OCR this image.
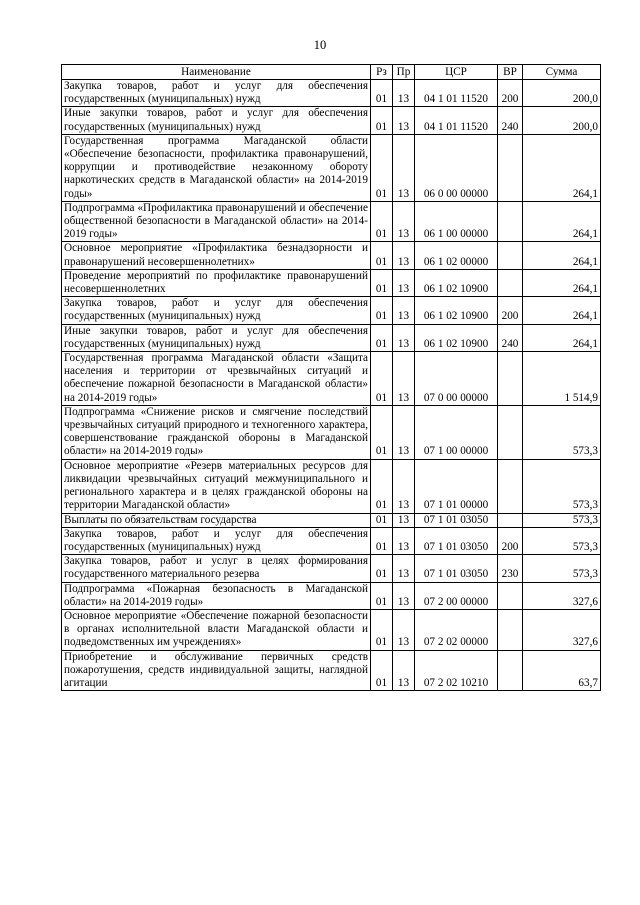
10
Наименование	Рз	Пр	ЦСР	ВР	Сумма
Закупка товаров, работ и услуг для обеспечения государственных (муниципальных) нужд	01	13	04 1 01 11520	200	200,0
Иные закупки товаров, работ и услуг для обеспечения государственных (муниципальных) нужд	01	13	04 1 01 11520	240	200,0
Государственная программа Магаданской области «Обеспечение безопасности, профилактика правонарушений, коррупции и противодействие незаконному обороту наркотических средств в Магаданской области» на 2014-2019 годы»	01	13	06 0 00 00000		264,1
Подпрограмма «Профилактика правонарушений и обеспечение общественной безопасности в Магаданской области» на 2014-2019 годы»	01	13	06 1 00 00000		264,1
Основное мероприятие «Профилактика безнадзорности и правонарушений несовершеннолетних»	01	13	06 1 02 00000		264,1
Проведение мероприятий по профилактике правонарушений несовершеннолетних	01	13	06 1 02 10900		264,1
Закупка товаров, работ и услуг для обеспечения государственных (муниципальных) нужд	01	13	06 1 02 10900	200	264,1
Иные закупки товаров, работ и услуг для обеспечения государственных (муниципальных) нужд	01	13	06 1 02 10900	240	264,1
Государственная программа Магаданской области «Защита населения и территории от чрезвычайных ситуаций и обеспечение пожарной безопасности в Магаданской области» на 2014-2019 годы»	01	13	07 0 00 00000		1 514,9
Подпрограмма «Снижение рисков и смягчение последствий чрезвычайных ситуаций природного и техногенного характера, совершенствование гражданской обороны в Магаданской области» на 2014-2019 годы»	01	13	07 1 00 00000		573,3
Основное мероприятие «Резерв материальных ресурсов для ликвидации чрезвычайных ситуаций межмуниципального и регионального характера и в целях гражданской обороны на территории Магаданской области»	01	13	07 1 01 00000		573,3
Выплаты по обязательствам государства	01	13	07 1 01 03050		573,3
Закупка товаров, работ и услуг для обеспечения государственных (муниципальных) нужд	01	13	07 1 01 03050	200	573,3
Закупка товаров, работ и услуг в целях формирования государственного материального резерва	01	13	07 1 01 03050	230	573,3
Подпрограмма «Пожарная безопасность в Магаданской области» на 2014-2019 годы»	01	13	07 2 00 00000		327,6
Основное мероприятие «Обеспечение пожарной безопасности в органах исполнительной власти Магаданской области и подведомственных им учреждениях»	01	13	07 2 02 00000		327,6
Приобретение и обслуживание первичных средств пожаротушения, средств индивидуальной защиты, наглядной агитации	01	13	07 2 02 10210		63,7
